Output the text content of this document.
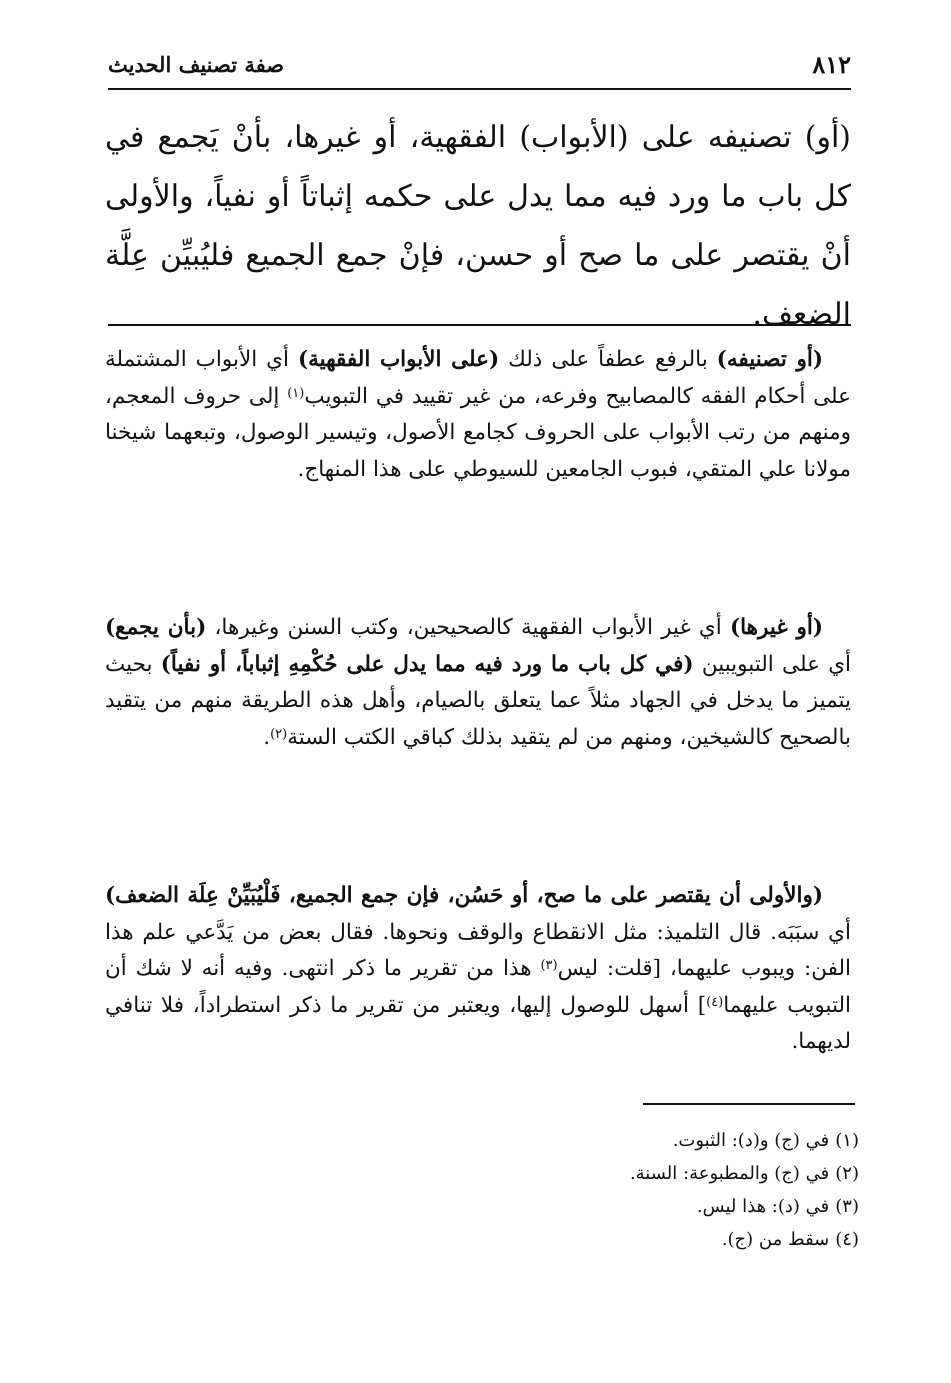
٨١٢
صفة تصنيف الحديث
(أو) تصنيفه على (الأبواب) الفقهية، أو غيرها، بأنْ يَجمع في كل باب ما ورد فيه مما يدل على حكمه إثباتاً أو نفياً، والأولى أنْ يقتصر على ما صح أو حسن، فإنْ جمع الجميع فليُبيِّن عِلَّة الضعف.
(أو تصنيفه) بالرفع عطفاً على ذلك (على الأبواب الفقهية) أي الأبواب المشتملة على أحكام الفقه كالمصابيح وفرعه، من غير تقييد في التبويب$^{(١)}$ إلى حروف المعجم، ومنهم من رتب الأبواب على الحروف كجامع الأصول، وتيسير الوصول، وتبعهما شيخنا مولانا علي المتقي، فبوب الجامعين للسيوطي على هذا المنهاج.
(أو غيرها) أي غير الأبواب الفقهية كالصحيحين، وكتب السنن وغيرها، (بأن يجمع) أي على التبويبين (في كل باب ما ورد فيه مما يدل على حُكْمِهِ إثباباً، أو نفياً) بحيث يتميز ما يدخل في الجهاد مثلاً عما يتعلق بالصيام، وأهل هذه الطريقة منهم من يتقيد بالصحيح كالشيخين، ومنهم من لم يتقيد بذلك كباقي الكتب الستة$^{(٢)}$.
(والأولى أن يقتصر على ما صح، أو حَسُن، فإن جمع الجميع، فَلْيُبَيِّنْ عِلَة الضعف) أي سبَبَه. قال التلميذ: مثل الانقطاع والوقف ونحوها. فقال بعض من يَدَّعي علم هذا الفن: ويبوب عليهما، [قلت: ليس$^{(٣)}$ هذا من تقرير ما ذكر انتهى. وفيه أنه لا شك أن التبويب عليهما$^{(٤)}$] أسهل للوصول إليها، ويعتبر من تقرير ما ذكر استطراداً، فلا تنافي لديهما.
(١)في (ج) و(د): الثبوت.
(٢)في (ج) والمطبوعة: السنة.
(٣)في (د): هذا ليس.
(٤)سقط من (ج).
